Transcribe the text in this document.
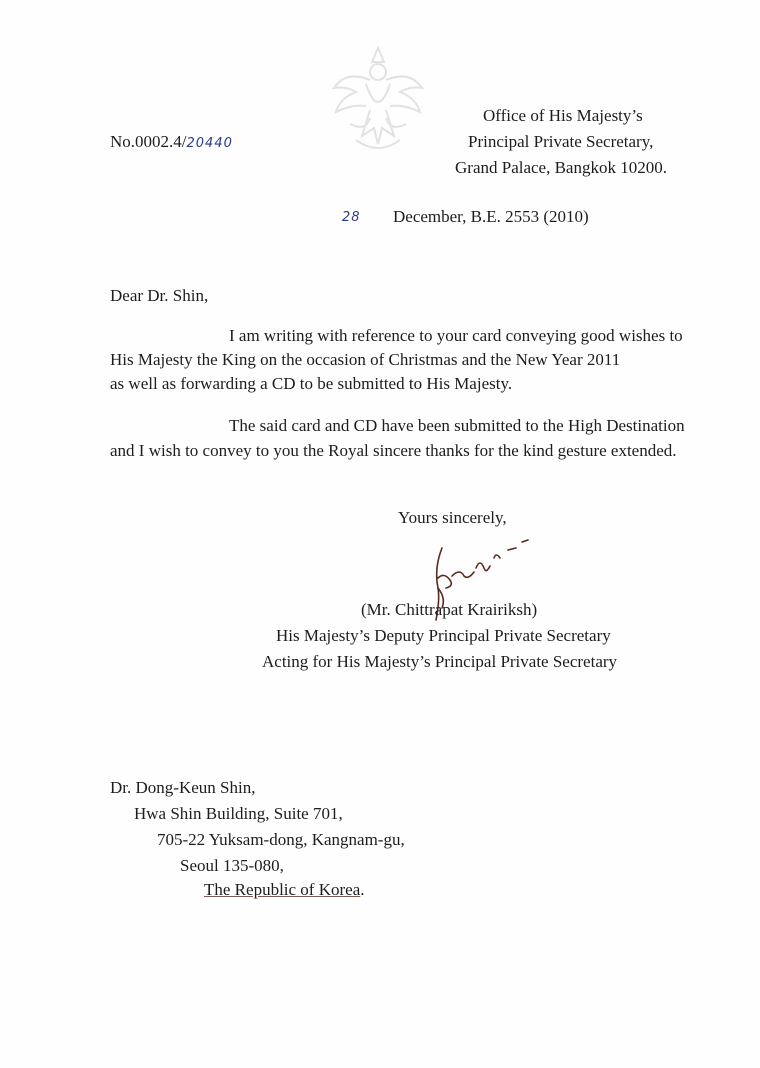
No.0002.4/20440
Office of His Majesty’s
Principal Private Secretary,
Grand Palace, Bangkok 10200.
28 December, B.E. 2553 (2010)
Dear Dr. Shin,
I am writing with reference to your card conveying good wishes to
His Majesty the King on the occasion of Christmas and the New Year 2011
as well as forwarding a CD to be submitted to His Majesty.
The said card and CD have been submitted to the High Destination
and I wish to convey to you the Royal sincere thanks for the kind gesture extended.
Yours sincerely,
(Mr. Chittrapat Krairiksh)
His Majesty’s Deputy Principal Private Secretary
Acting for His Majesty’s Principal Private Secretary
Dr. Dong-Keun Shin,
Hwa Shin Building, Suite 701,
705-22 Yuksam-dong, Kangnam-gu,
Seoul 135-080,
The Republic of Korea.
